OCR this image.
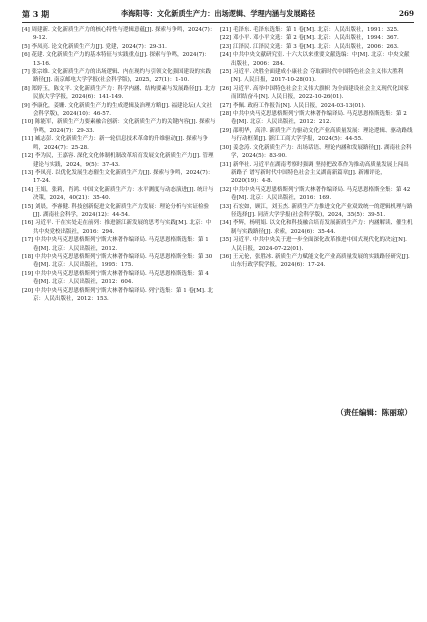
第 3 期	李海阳等：文化新质生产力：出场逻辑、学理内涵与发展路径	269

[4] 周建新. 文化新质生产力的核心特性与逻辑意蕴[J]. 探索与争鸣，2024(7)：9-12.

[5] 李凤亮. 论文化新质生产力[J]. 党建，2024(7)：29-31.

[6] 花建. 文化新质生产力的基本特征与实践重点[J]. 探索与争鸣，2024(7)：13-16.

[7] 张宗维. 文化新质生产力的出场逻辑、内在现约与引领文化强国建设的实践路径[J]. 南京邮电大学学报(社会科学版)，2025，27(1)：1-10.

[8] 郑婷玉，陈文平. 文化新质生产力：科学内涵、结构要素与发展路径[J]. 北方民族大学学报，2024(6)：141-149.

[9] 李康化，姜姗. 文化新质生产力的生成逻辑及治理方略[J]. 福建论坛(人文社会科学版)，2024(10)：46-57.

[10] 陈能军，新质生产力要素融合创新：文化新质生产力的关键内容[J]. 探索与争鸣，2024(7)：29-33.

[11] 臧志彭. 文化新质生产力：新一轮信息技术革命的升维驱动[J]. 探索与争鸣，2024(7)：25-28.

[12] 李为民，王嘉容. 深化文化体制机制改革培育发展文化新质生产力[J]. 管理建论与实践，2024，9(5)：37-43.

[13] 李凤亮. 以优化发展生态催生文化新质生产力[J]. 探索与争鸣，2024(7)：17-24.

[14] 王娟，张莉，肖鸿. 中国文化新质生产力：水平测度与动态演进[J]. 统计与决策，2024，40(21)：35-40.

[15] 刘晨，李睿健. 科技创新促进文化新质生产力发展：理论分析与实证检验[J]. 湖南社会科学，2024(12)：44-54.

[16] 习近平. 干在实处走在前列：推进浙江新发展的思考与实践[M]. 北京：中共中央党校出版社，2016：294.

[17] 中共中央马克思恩格斯列宁斯大林著作编译局. 马克思恩格斯选集：第 1 卷[M]. 北京：人民出版社，2012.

[18] 中共中央马克思恩格斯列宁斯大林著作编译局. 马克思恩格斯全集：第 30 卷[M]. 北京：人民出版社，1995：175.

[19] 中共中央马克思恩格斯列宁斯大林著作编译局. 马克思恩格斯选集：第 4 卷[M]. 北京：人民出版社，2012：604.

[20] 中共中央马克思恩格斯列宁斯大林著作编译局. 列宁选集：第 1 卷[M]. 北京：人民出版社，2012：153.

[21] 毛泽东. 毛泽东选集：第 1 卷[M]. 北京：人民出版社，1991：325.

[22] 邓小平. 邓小平文选：第 2 卷[M]. 北京：人民出版社，1994：367.

[23] 江泽民. 江泽民文选：第 3 卷[M]. 北京：人民出版社，2006：263.

[24] 中共中央文献研究室. 十六大以来重要文献选编：中[M]. 北京：中央文献出版社，2006：284.

[25] 习近平. 决胜全面建成小康社会 夺取新时代中国特色社会主义伟大胜利[N]. 人民日报，2017-10-28(01).

[26] 习近平. 高举中国特色社会主义伟大旗帜 为全面建设社会主义现代化国家而团结奋斗[N]. 人民日报，2022-10-26(01).

[27] 李佩. 政府工作报告[N]. 人民日报，2024-03-13(01).

[28] 中共中央马克思恩格斯列宁斯大林著作编译局. 马克思恩格斯选集：第 2 卷[M]. 北京：人民出版社，2012：212.

[29] 邵明华，高洋. 新质生产力驱动文化产业高质量发展：理论逻辑、驱动路线与行动框架[J]. 浙江工商大学学报，2024(5)：44-55.

[30] 姜念涛. 文化新质生产力：出场话语、理论内涵和发展路径[J]. 湖南社会科学，2024(5)：83-90.

[31] 新华社. 习近平在湖南考察时强调 坚持把改革作为推动高质量发展上闯出新路子 谱写新时代中国特色社会主义湖南新篇章[J]. 新湘评论，2020(19)：4-8.

[32] 中共中央马克思恩格斯列宁斯大林著作编译局. 马克思恩格斯全集：第 42 卷[M]. 北京：人民出版社，2016：169.

[33] 石宏如，顾江，刘玉杰. 新质生产力推进文化产业双效统一的逻辑机理与路径选择[J]. 同济大学学报(社会科学版)，2024，35(5)：39-51.

[34] 李辉，杨明娟. 以文化和科技融合培育发展新质生产力：内涵解读、催生机制与实践路径[J]. 求索，2024(6)：35-44.

[35] 习近平. 中共中央关于进一步全面深化改革推进中国式现代化的决定[N]. 人民日报，2024-07-22(01).

[36] 王元伦，张胜冰. 新质生产力赋能文化产业高质量发展的实践路径研究[J]. 山东行政学院学报，2024(6)：17-24.

（责任编辑：陈丽琼）
